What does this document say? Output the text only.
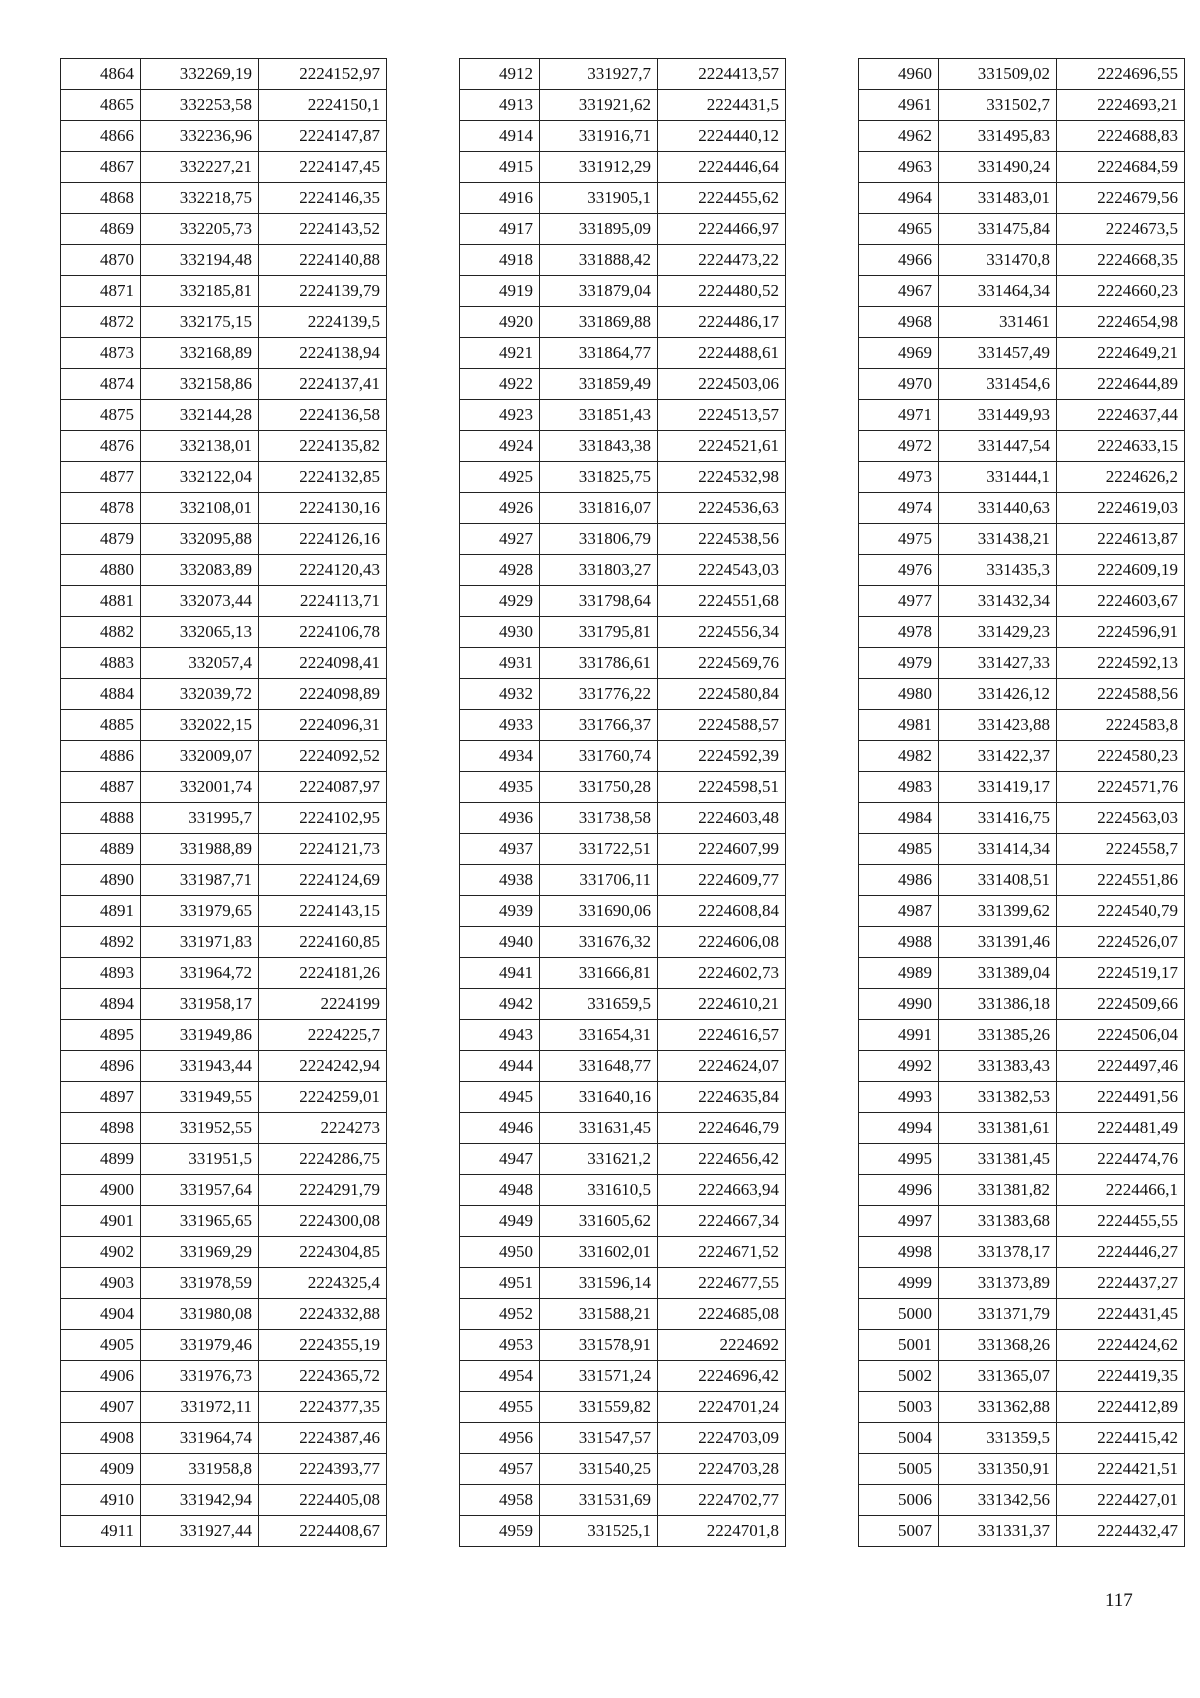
4864	332269,19	2224152,97
4865	332253,58	2224150,1
4866	332236,96	2224147,87
4867	332227,21	2224147,45
4868	332218,75	2224146,35
4869	332205,73	2224143,52
4870	332194,48	2224140,88
4871	332185,81	2224139,79
4872	332175,15	2224139,5
4873	332168,89	2224138,94
4874	332158,86	2224137,41
4875	332144,28	2224136,58
4876	332138,01	2224135,82
4877	332122,04	2224132,85
4878	332108,01	2224130,16
4879	332095,88	2224126,16
4880	332083,89	2224120,43
4881	332073,44	2224113,71
4882	332065,13	2224106,78
4883	332057,4	2224098,41
4884	332039,72	2224098,89
4885	332022,15	2224096,31
4886	332009,07	2224092,52
4887	332001,74	2224087,97
4888	331995,7	2224102,95
4889	331988,89	2224121,73
4890	331987,71	2224124,69
4891	331979,65	2224143,15
4892	331971,83	2224160,85
4893	331964,72	2224181,26
4894	331958,17	2224199
4895	331949,86	2224225,7
4896	331943,44	2224242,94
4897	331949,55	2224259,01
4898	331952,55	2224273
4899	331951,5	2224286,75
4900	331957,64	2224291,79
4901	331965,65	2224300,08
4902	331969,29	2224304,85
4903	331978,59	2224325,4
4904	331980,08	2224332,88
4905	331979,46	2224355,19
4906	331976,73	2224365,72
4907	331972,11	2224377,35
4908	331964,74	2224387,46
4909	331958,8	2224393,77
4910	331942,94	2224405,08
4911	331927,44	2224408,67
4912	331927,7	2224413,57
4913	331921,62	2224431,5
4914	331916,71	2224440,12
4915	331912,29	2224446,64
4916	331905,1	2224455,62
4917	331895,09	2224466,97
4918	331888,42	2224473,22
4919	331879,04	2224480,52
4920	331869,88	2224486,17
4921	331864,77	2224488,61
4922	331859,49	2224503,06
4923	331851,43	2224513,57
4924	331843,38	2224521,61
4925	331825,75	2224532,98
4926	331816,07	2224536,63
4927	331806,79	2224538,56
4928	331803,27	2224543,03
4929	331798,64	2224551,68
4930	331795,81	2224556,34
4931	331786,61	2224569,76
4932	331776,22	2224580,84
4933	331766,37	2224588,57
4934	331760,74	2224592,39
4935	331750,28	2224598,51
4936	331738,58	2224603,48
4937	331722,51	2224607,99
4938	331706,11	2224609,77
4939	331690,06	2224608,84
4940	331676,32	2224606,08
4941	331666,81	2224602,73
4942	331659,5	2224610,21
4943	331654,31	2224616,57
4944	331648,77	2224624,07
4945	331640,16	2224635,84
4946	331631,45	2224646,79
4947	331621,2	2224656,42
4948	331610,5	2224663,94
4949	331605,62	2224667,34
4950	331602,01	2224671,52
4951	331596,14	2224677,55
4952	331588,21	2224685,08
4953	331578,91	2224692
4954	331571,24	2224696,42
4955	331559,82	2224701,24
4956	331547,57	2224703,09
4957	331540,25	2224703,28
4958	331531,69	2224702,77
4959	331525,1	2224701,8
4960	331509,02	2224696,55
4961	331502,7	2224693,21
4962	331495,83	2224688,83
4963	331490,24	2224684,59
4964	331483,01	2224679,56
4965	331475,84	2224673,5
4966	331470,8	2224668,35
4967	331464,34	2224660,23
4968	331461	2224654,98
4969	331457,49	2224649,21
4970	331454,6	2224644,89
4971	331449,93	2224637,44
4972	331447,54	2224633,15
4973	331444,1	2224626,2
4974	331440,63	2224619,03
4975	331438,21	2224613,87
4976	331435,3	2224609,19
4977	331432,34	2224603,67
4978	331429,23	2224596,91
4979	331427,33	2224592,13
4980	331426,12	2224588,56
4981	331423,88	2224583,8
4982	331422,37	2224580,23
4983	331419,17	2224571,76
4984	331416,75	2224563,03
4985	331414,34	2224558,7
4986	331408,51	2224551,86
4987	331399,62	2224540,79
4988	331391,46	2224526,07
4989	331389,04	2224519,17
4990	331386,18	2224509,66
4991	331385,26	2224506,04
4992	331383,43	2224497,46
4993	331382,53	2224491,56
4994	331381,61	2224481,49
4995	331381,45	2224474,76
4996	331381,82	2224466,1
4997	331383,68	2224455,55
4998	331378,17	2224446,27
4999	331373,89	2224437,27
5000	331371,79	2224431,45
5001	331368,26	2224424,62
5002	331365,07	2224419,35
5003	331362,88	2224412,89
5004	331359,5	2224415,42
5005	331350,91	2224421,51
5006	331342,56	2224427,01
5007	331331,37	2224432,47
117
